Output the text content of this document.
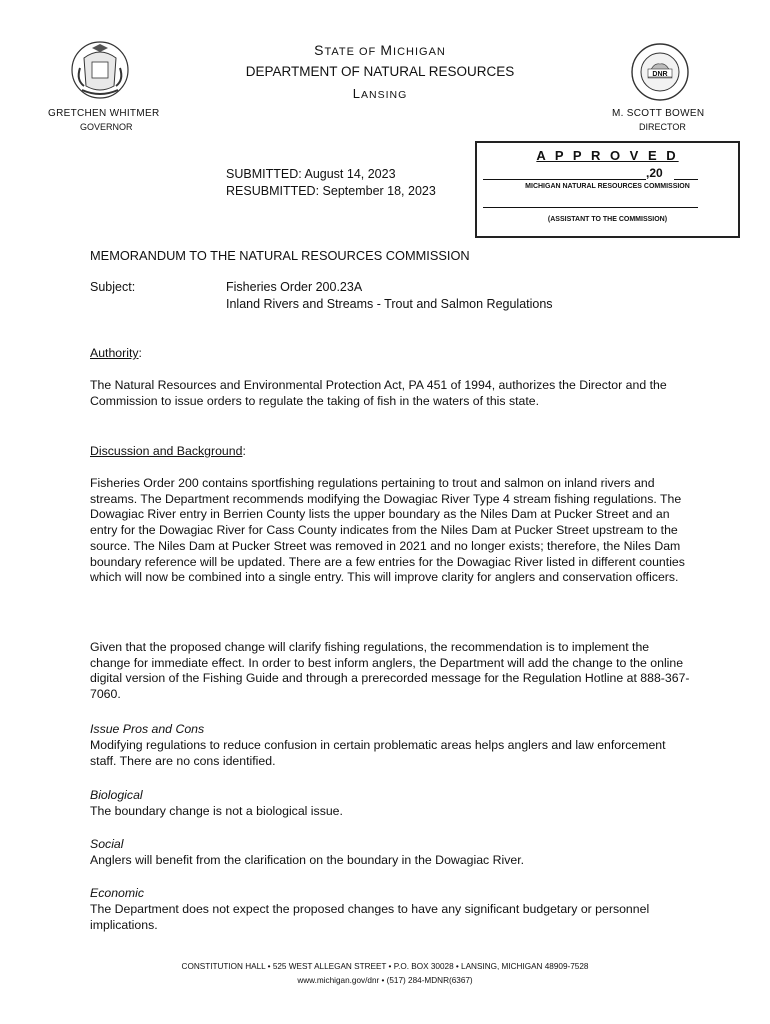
STATE OF MICHIGAN
DEPARTMENT OF NATURAL RESOURCES
LANSING
DNR
GRETCHEN WHITMER
GOVERNOR
M. SCOTT BOWEN
DIRECTOR
SUBMITTED: August 14, 2023
RESUBMITTED: September 18, 2023
A P P R O V E D
,20
MICHIGAN NATURAL RESOURCES COMMISSION
(ASSISTANT TO THE COMMISSION)
MEMORANDUM TO THE NATURAL RESOURCES COMMISSION
Subject:	Fisheries Order 200.23A
Inland Rivers and Streams - Trout and Salmon Regulations
Authority:
The Natural Resources and Environmental Protection Act, PA 451 of 1994, authorizes the Director and the Commission to issue orders to regulate the taking of fish in the waters of this state.
Discussion and Background:
Fisheries Order 200 contains sportfishing regulations pertaining to trout and salmon on inland rivers and streams. The Department recommends modifying the Dowagiac River Type 4 stream fishing regulations. The Dowagiac River entry in Berrien County lists the upper boundary as the Niles Dam at Pucker Street and an entry for the Dowagiac River for Cass County indicates from the Niles Dam at Pucker Street upstream to the source. The Niles Dam at Pucker Street was removed in 2021 and no longer exists; therefore, the Niles Dam boundary reference will be updated. There are a few entries for the Dowagiac River listed in different counties which will now be combined into a single entry. This will improve clarity for anglers and conservation officers.
Given that the proposed change will clarify fishing regulations, the recommendation is to implement the change for immediate effect. In order to best inform anglers, the Department will add the change to the online digital version of the Fishing Guide and through a prerecorded message for the Regulation Hotline at 888-367-7060.
Issue Pros and Cons
Modifying regulations to reduce confusion in certain problematic areas helps anglers and law enforcement staff. There are no cons identified.
Biological
The boundary change is not a biological issue.
Social
Anglers will benefit from the clarification on the boundary in the Dowagiac River.
Economic
The Department does not expect the proposed changes to have any significant budgetary or personnel implications.
CONSTITUTION HALL • 525 WEST ALLEGAN STREET • P.O. BOX 30028 • LANSING, MICHIGAN 48909-7528
www.michigan.gov/dnr • (517) 284-MDNR(6367)
